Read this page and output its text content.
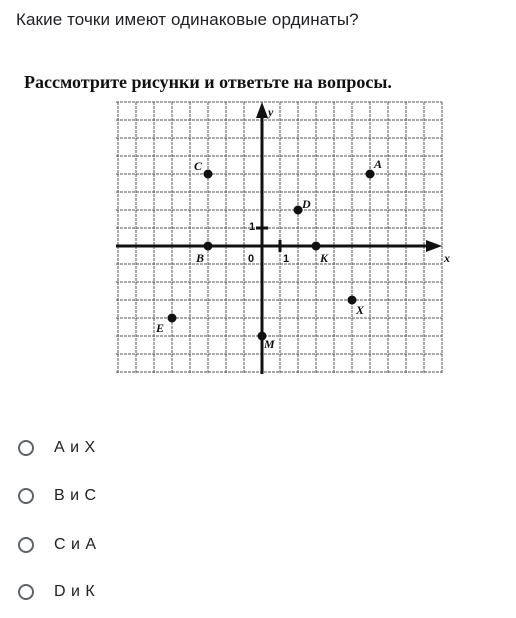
Какие точки имеют одинаковые ординаты?
x
y
0	1
1
A
C
D
B	K
X
E
M
Рассмотрите рисунки и ответьте на вопросы.
А и Х
В и С
С и А
D и К
